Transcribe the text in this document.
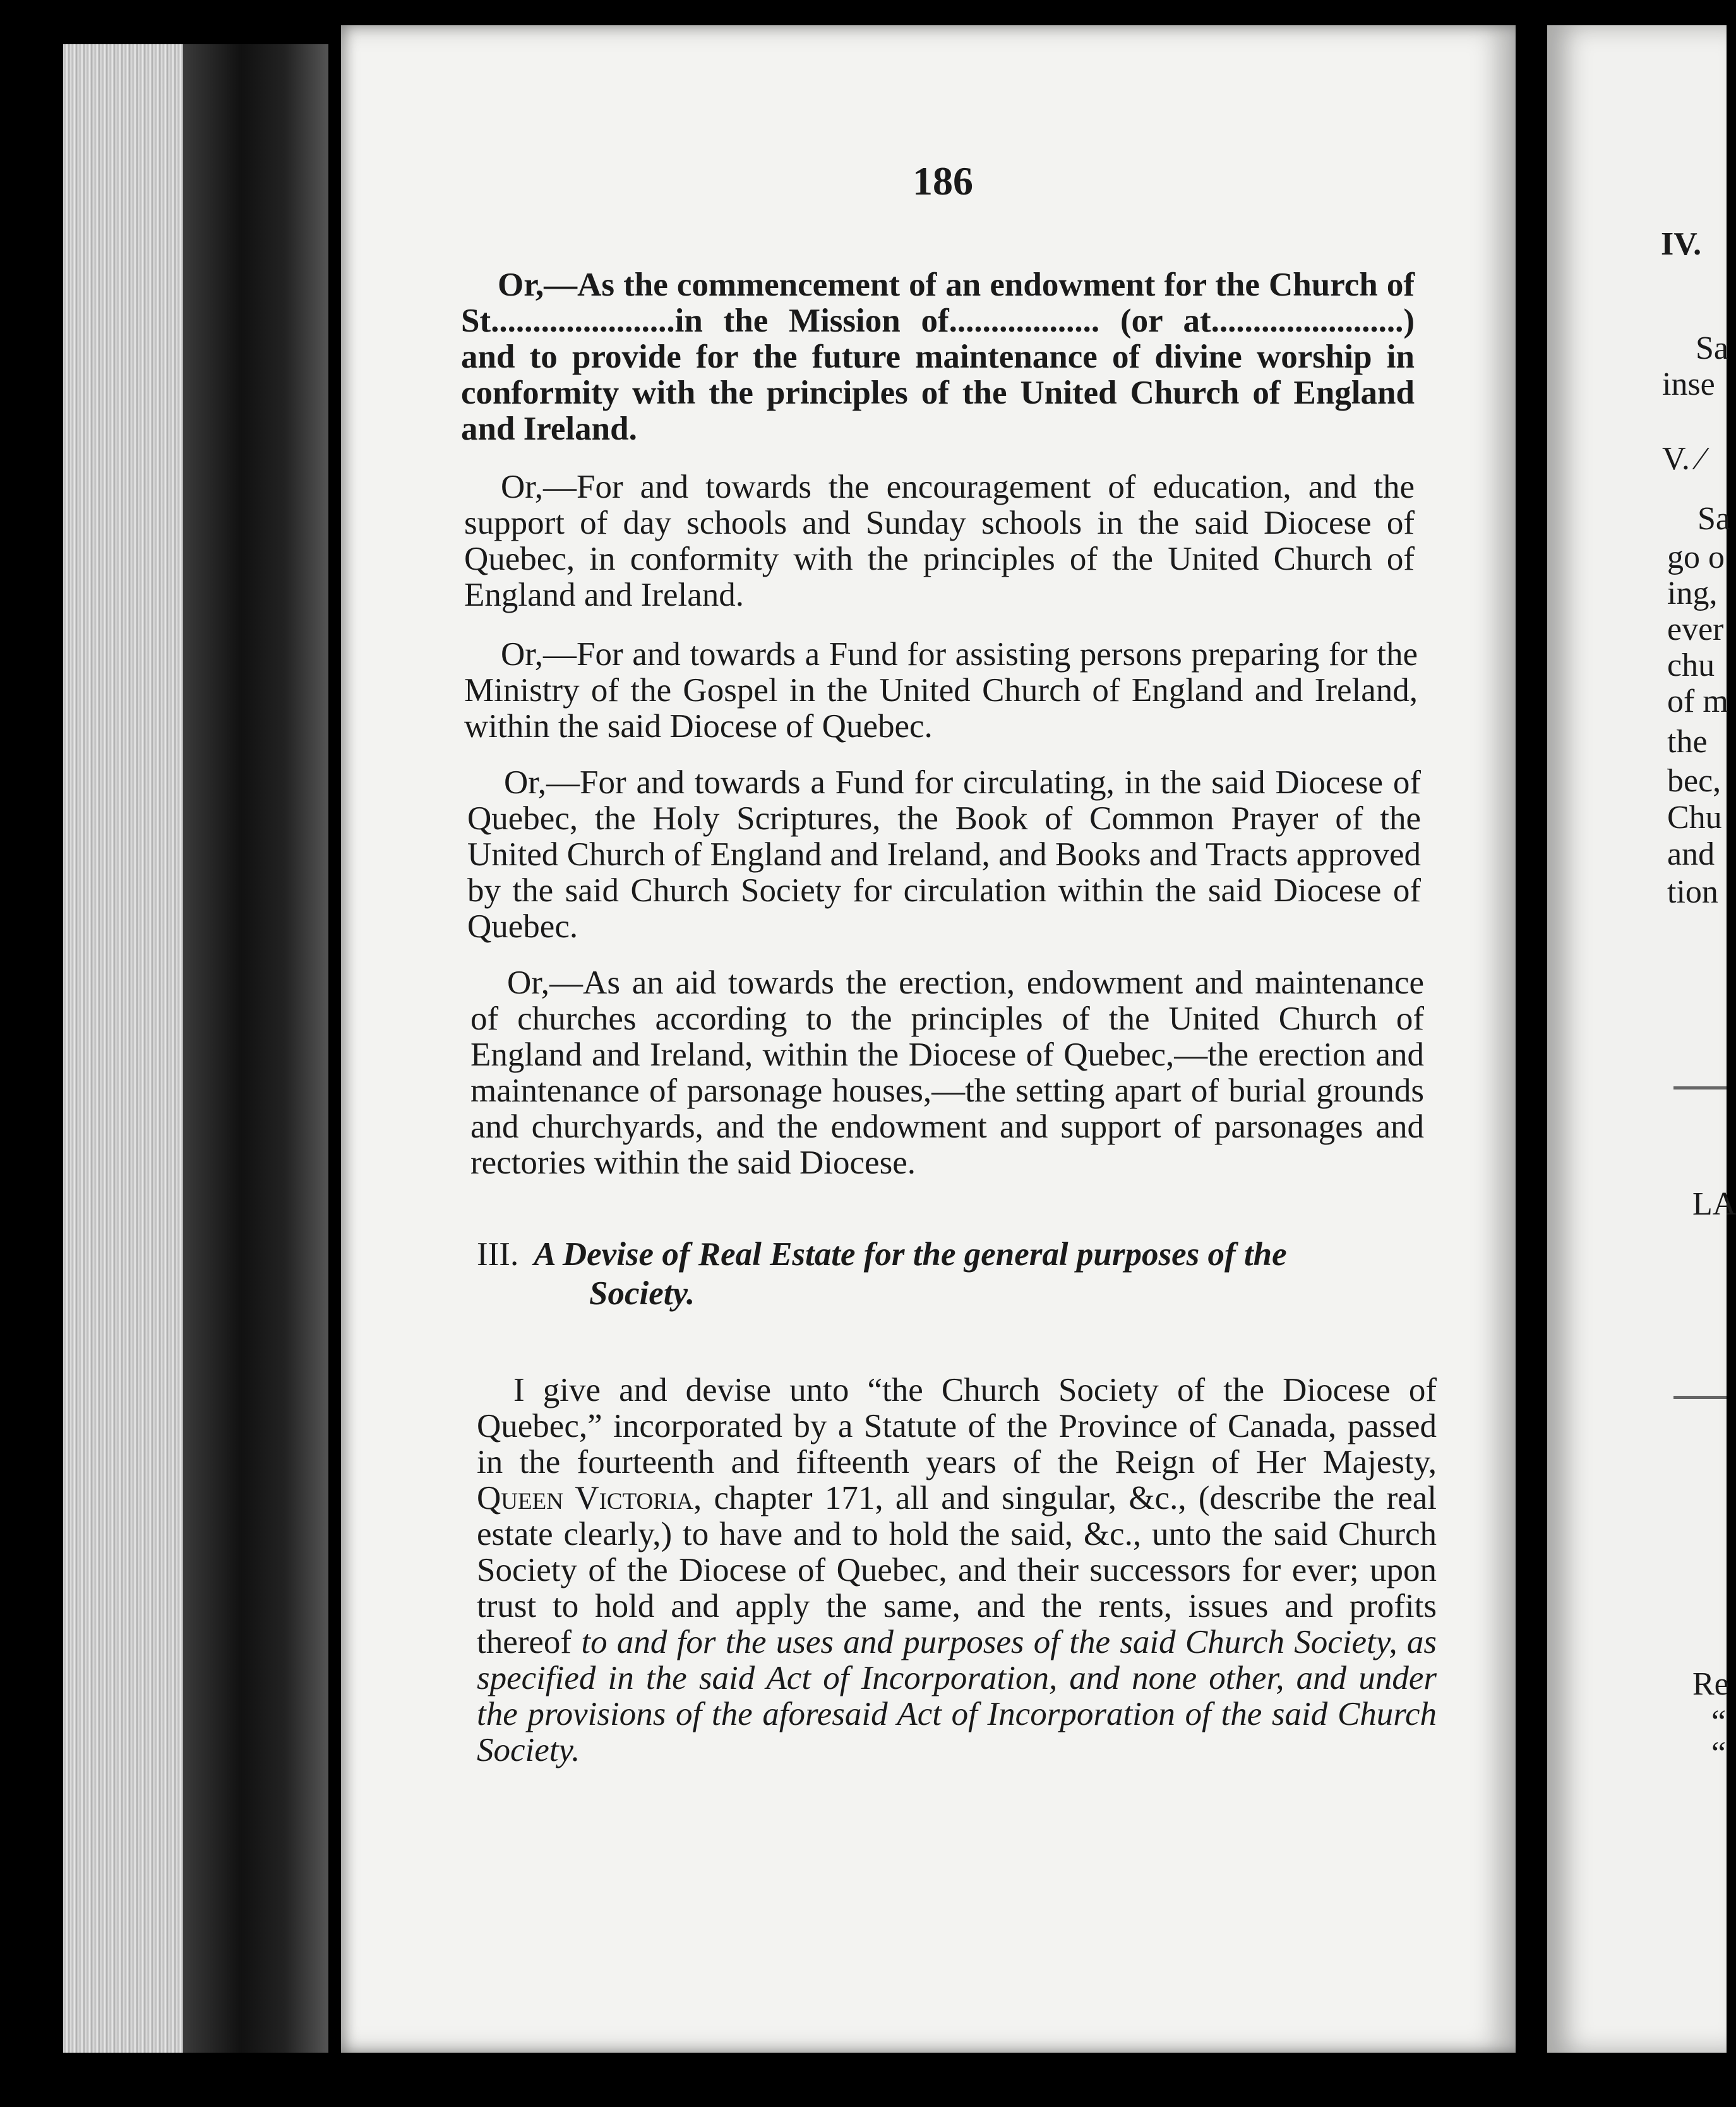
186

Or,—As the commencement of an endowment for the Church of St......................in the Mission of.................. (or at.......................) and to provide for the future maintenance of divine worship in conformity with the principles of the United Church of England and Ireland.

Or,—For and towards the encouragement of education, and the support of day schools and Sunday schools in the said Diocese of Quebec, in conformity with the principles of the United Church of England and Ireland.

Or,—For and towards a Fund for assisting persons preparing for the Ministry of the Gospel in the United Church of England and Ireland, within the said Diocese of Quebec.

Or,—For and towards a Fund for circulating, in the said Diocese of Quebec, the Holy Scriptures, the Book of Common Prayer of the United Church of England and Ireland, and Books and Tracts approved by the said Church Society for circulation within the said Diocese of Quebec.

Or,—As an aid towards the erection, endowment and maintenance of churches according to the principles of the United Church of England and Ireland, within the Diocese of Quebec,—the erection and maintenance of parsonage houses,—the setting apart of burial grounds and churchyards, and the endowment and support of parsonages and rectories within the said Diocese.

III. A Devise of Real Estate for the general purposes of the
Society.

I give and devise unto “the Church Society of the Diocese of Quebec,” incorporated by a Statute of the Province of Canada, passed in the fourteenth and fifteenth years of the Reign of Her Majesty, Queen Victoria, chapter 171, all and singular, &c., (describe the real estate clearly,) to have and to hold the said, &c., unto the said Church Society of the Diocese of Quebec, and their successors for ever; upon trust to hold and apply the same, and the rents, issues and profits thereof to and for the uses and purposes of the said Church Society, as specified in the said Act of Incorporation, and none other, and under the provisions of the aforesaid Act of Incorporation of the said Church Society.

IV.
Sa
inse
V. ⁄
Sa
go o
ing,
ever
chu
of m
the
bec,
Chu
and
tion
LA
Re
“
“
